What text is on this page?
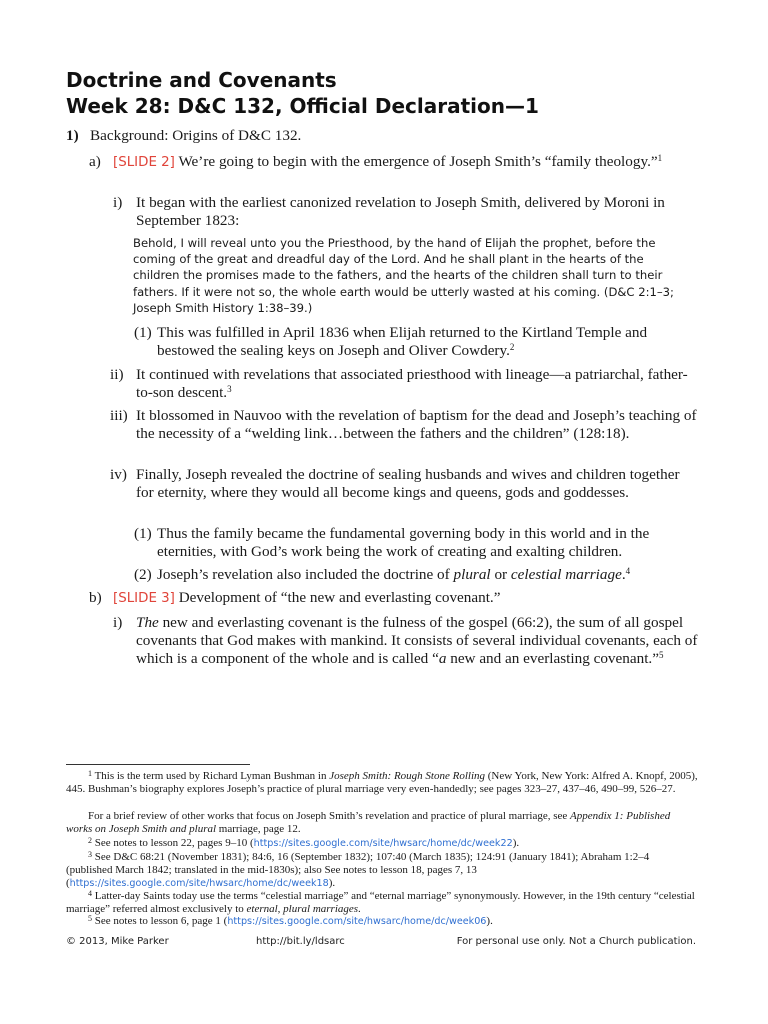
Doctrine and Covenants
Week 28: D&C 132, Official Declaration—1
1) Background: Origins of D&C 132.
a) [SLIDE 2] We’re going to begin with the emergence of Joseph Smith’s “family theology.”$^1$
i) It began with the earliest canonized revelation to Joseph Smith, delivered by Moroni in September 1823:
Behold, I will reveal unto you the Priesthood, by the hand of Elijah the prophet, before the coming of the great and dreadful day of the Lord. And he shall plant in the hearts of the children the promises made to the fathers, and the hearts of the children shall turn to their fathers. If it were not so, the whole earth would be utterly wasted at his coming. (D&C 2:1–3; Joseph Smith History 1:38–39.)
(1) This was fulfilled in April 1836 when Elijah returned to the Kirtland Temple and bestowed the sealing keys on Joseph and Oliver Cowdery.$^2$
ii) It continued with revelations that associated priesthood with lineage—a patriarchal, father-to-son descent.$^3$
iii) It blossomed in Nauvoo with the revelation of baptism for the dead and Joseph’s teaching of the necessity of a “welding link…between the fathers and the children” (128:18).
iv) Finally, Joseph revealed the doctrine of sealing husbands and wives and children together for eternity, where they would all become kings and queens, gods and goddesses.
(1) Thus the family became the fundamental governing body in this world and in the eternities, with God’s work being the work of creating and exalting children.
(2) Joseph’s revelation also included the doctrine of plural or celestial marriage.$^4$
b) [SLIDE 3] Development of “the new and everlasting covenant.”
i) The new and everlasting covenant is the fulness of the gospel (66:2), the sum of all gospel covenants that God makes with mankind. It consists of several individual covenants, each of which is a component of the whole and is called “a new and an everlasting covenant.”$^5$
$^1$ This is the term used by Richard Lyman Bushman in Joseph Smith: Rough Stone Rolling (New York, New York: Alfred A. Knopf, 2005), 445. Bushman’s biography explores Joseph’s practice of plural marriage very even-handedly; see pages 323–27, 437–46, 490–99, 526–27.
For a brief review of other works that focus on Joseph Smith’s revelation and practice of plural marriage, see Appendix 1: Published works on Joseph Smith and plural marriage, page 12.
$^2$ See notes to lesson 22, pages 9–10 (https://sites.google.com/site/hwsarc/home/dc/week22).
$^3$ See D&C 68:21 (November 1831); 84:6, 16 (September 1832); 107:40 (March 1835); 124:91 (January 1841); Abraham 1:2–4 (published March 1842; translated in the mid-1830s); also See notes to lesson 18, pages 7, 13 (https://sites.google.com/site/hwsarc/home/dc/week18).
$^4$ Latter-day Saints today use the terms “celestial marriage” and “eternal marriage” synonymously. However, in the 19th century “celestial marriage” referred almost exclusively to eternal, plural marriages.
$^5$ See notes to lesson 6, page 1 (https://sites.google.com/site/hwsarc/home/dc/week06).
© 2013, Mike Parker	http://bit.ly/ldsarc	For personal use only. Not a Church publication.
